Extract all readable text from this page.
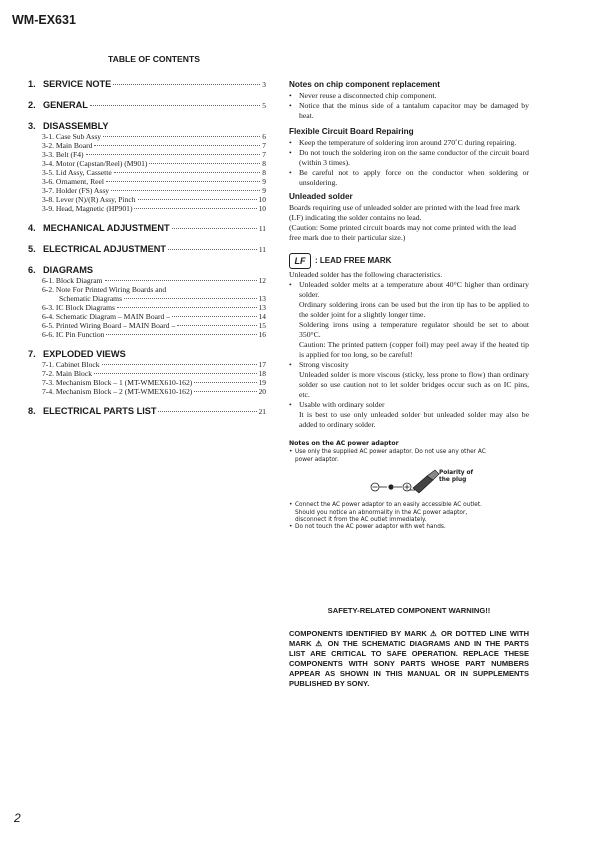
WM-EX631
TABLE OF CONTENTS
1. SERVICE NOTE	3
2. GENERAL	5
3. DISASSEMBLY
3-1. Case Sub Assy	6
3-2. Main Board	7
3-3. Belt (F4)	7
3-4. Motor (Capstan/Reel) (M901)	8
3-5. Lid Assy, Cassette	8
3-6. Ornament, Reel	9
3-7. Holder (FS) Assy	9
3-8. Lever (N)/(R) Assy, Pinch	10
3-9. Head, Magnetic (HP901)	10
4. MECHANICAL ADJUSTMENT	11
5. ELECTRICAL ADJUSTMENT	11
6. DIAGRAMS
6-1. Block Diagram	12
6-2. Note For Printed Wiring Boards and
Schematic Diagrams	13
6-3. IC Block Diagrams	13
6-4. Schematic Diagram – MAIN Board –	14
6-5. Printed Wiring Board – MAIN Board –	15
6-6. IC Pin Function	16
7. EXPLODED VIEWS
7-1. Cabinet Block	17
7-2. Main Block	18
7-3. Mechanism Block – 1 (MT-WMEX610-162)	19
7-4. Mechanism Block – 2 (MT-WMEX610-162)	20
8. ELECTRICAL PARTS LIST	21
Notes on chip component replacement
• Never reuse a disconnected chip component.
• Notice that the minus side of a tantalum capacitor may be damaged by heat.
Flexible Circuit Board Repairing
• Keep the temperature of soldering iron around 270˚C during repairing.
• Do not touch the soldering iron on the same conductor of the circuit board (within 3 times).
• Be careful not to apply force on the conductor when soldering or unsoldering.
Unleaded solder

Boards requiring use of unleaded solder are printed with the lead free mark (LF) indicating the solder contains no lead.

(Caution: Some printed circuit boards may not come printed with the lead free mark due to their particular size.)

LF	: LEAD FREE MARK

Unleaded solder has the following characteristics.

• Unleaded solder melts at a temperature about 40°C higher than ordinary solder.
Ordinary soldering irons can be used but the iron tip has to be applied to the solder joint for a slightly longer time.
Soldering irons using a temperature regulator should be set to about 350°C.
Caution: The printed pattern (copper foil) may peel away if the heated tip is applied for too long, so be careful!
• Strong viscosity
Unleaded solder is more viscous (sticky, less prone to flow) than ordinary solder so use caution not to let solder bridges occur such as on IC pins, etc.
• Usable with ordinary solder
It is best to use only unleaded solder but unleaded solder may also be added to ordinary solder.
Notes on the AC power adaptor
• Use only the supplied AC power adaptor. Do not use any other AC power adaptor.
Polarity of the plug
• Connect the AC power adaptor to an easily accessible AC outlet. Should you notice an abnormality in the AC power adaptor, disconnect it from the AC outlet immediately.
• Do not touch the AC power adaptor with wet hands.
SAFETY-RELATED COMPONENT WARNING!!
COMPONENTS IDENTIFIED BY MARK ⚠ OR DOTTED LINE WITH MARK ⚠ ON THE SCHEMATIC DIAGRAMS AND IN THE PARTS LIST ARE CRITICAL TO SAFE OPERATION. REPLACE THESE COMPONENTS WITH SONY PARTS WHOSE PART NUMBERS APPEAR AS SHOWN IN THIS MANUAL OR IN SUPPLEMENTS PUBLISHED BY SONY.
2
